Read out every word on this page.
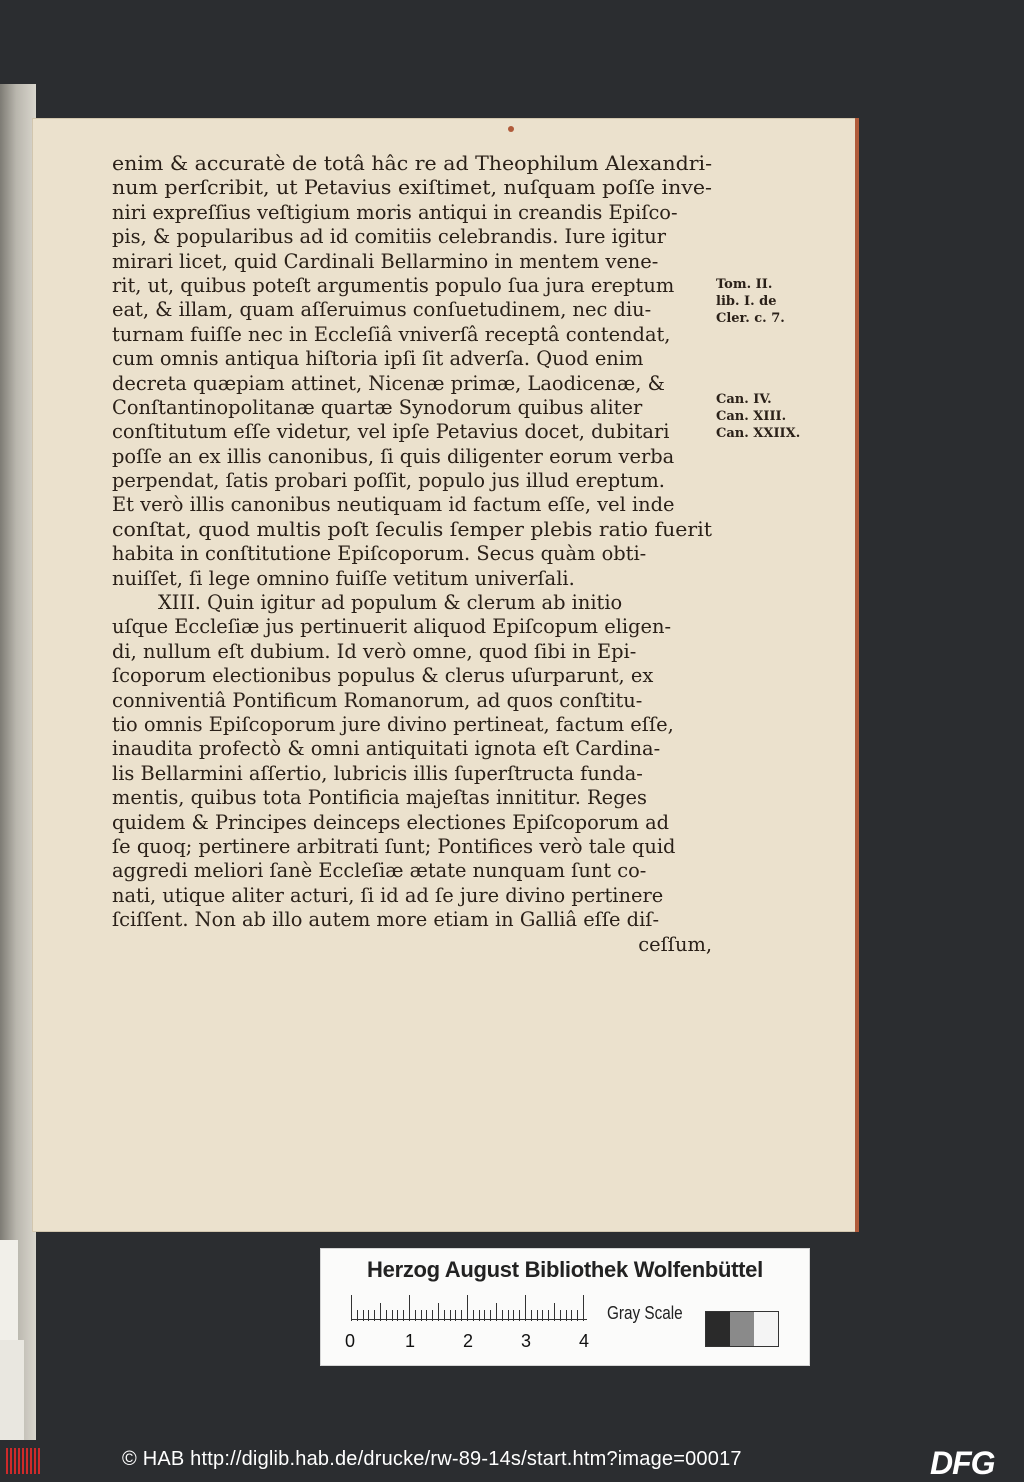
enim & accuratè de totâ hâc re ad Theophilum Alexandri-
num perſcribit, ut Petavius exiſtimet, nuſquam poſſe inve-
niri expreſſius veſtigium moris antiqui in creandis Epiſco-
pis, & popularibus ad id comitiis celebrandis. Iure igitur
mirari licet, quid Cardinali Bellarmino in mentem vene-
rit, ut, quibus poteſt argumentis populo ſua jura ereptum
eat, & illam, quam aſſeruimus conſuetudinem, nec diu-
turnam fuiſſe nec in Eccleſiâ vniverſâ receptâ contendat,
cum omnis antiqua hiſtoria ipſi ſit adverſa. Quod enim
decreta quæpiam attinet, Nicenæ primæ, Laodicenæ, &
Conſtantinopolitanæ quartæ Synodorum quibus aliter
conſtitutum eſſe videtur, vel ipſe Petavius docet, dubitari
poſſe an ex illis canonibus, ſi quis diligenter eorum verba
perpendat, ſatis probari poſſit, populo jus illud ereptum.
Et verò illis canonibus neutiquam id factum eſſe, vel inde
conſtat, quod multis poſt ſeculis ſemper plebis ratio fuerit
habita in conſtitutione Epiſcoporum. Secus quàm obti-
nuiſſet, ſi lege omnino fuiſſe vetitum univerſali.
XIII. Quin igitur ad populum & clerum ab initio
uſque Eccleſiæ jus pertinuerit aliquod Epiſcopum eligen-
di, nullum eſt dubium. Id verò omne, quod ſibi in Epi-
ſcoporum electionibus populus & clerus uſurparunt, ex
conniventiâ Pontificum Romanorum, ad quos conſtitu-
tio omnis Epiſcoporum jure divino pertineat, factum eſſe,
inaudita profectò & omni antiquitati ignota eſt Cardina-
lis Bellarmini aſſertio, lubricis illis ſuperſtructa funda-
mentis, quibus tota Pontificia majeſtas innititur. Reges
quidem & Principes deinceps electiones Epiſcoporum ad
ſe quoq; pertinere arbitrati ſunt; Pontifices verò tale quid
aggredi meliori ſanè Eccleſiæ ætate nunquam ſunt co-
nati, utique aliter acturi, ſi id ad ſe jure divino pertinere
ſciſſent. Non ab illo autem more etiam in Galliâ eſſe diſ-
ceſſum,
Tom. II.
lib. I. de
Cler. c. 7.
Can. IV.
Can. XIII.
Can. XXIIX.
Herzog August Bibliothek Wolfenbüttel
0	1	2	3	4
Gray Scale
© HAB http://diglib.hab.de/drucke/rw-89-14s/start.htm?image=00017	DFG
